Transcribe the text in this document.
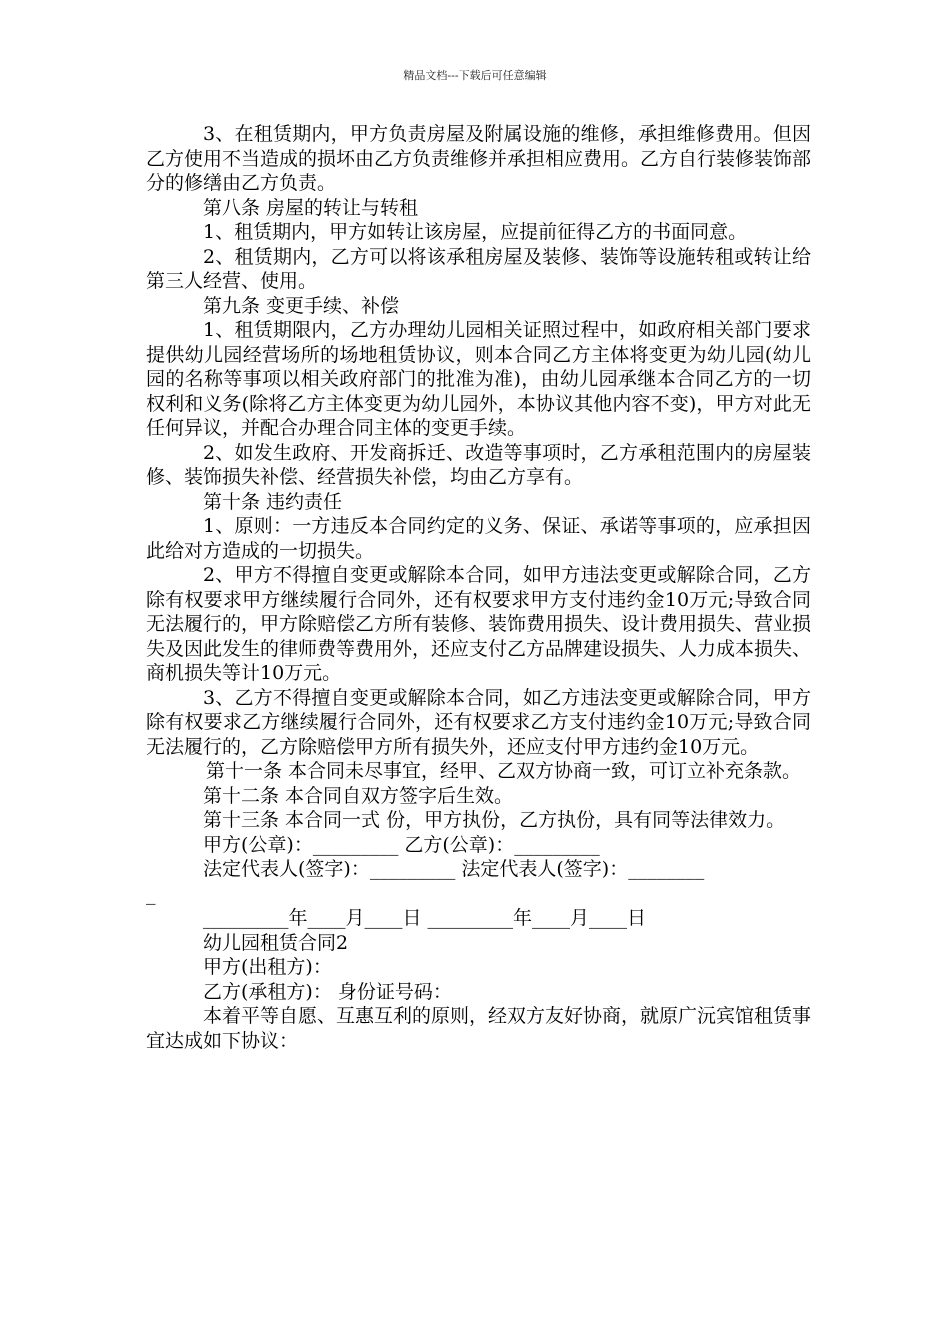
精品文档---下载后可任意编辑

3、在租赁期内，甲方负责房屋及附属设施的维修，承担维修费用。但因乙方使用不当造成的损坏由乙方负责维修并承担相应费用。乙方自行装修装饰部分的修缮由乙方负责。

第八条 房屋的转让与转租

1、租赁期内，甲方如转让该房屋，应提前征得乙方的书面同意。

2、租赁期内，乙方可以将该承租房屋及装修、装饰等设施转租或转让给第三人经营、使用。

第九条 变更手续、补偿

1、租赁期限内，乙方办理幼儿园相关证照过程中，如政府相关部门要求提供幼儿园经营场所的场地租赁协议，则本合同乙方主体将变更为幼儿园(幼儿园的名称等事项以相关政府部门的批准为准)，由幼儿园承继本合同乙方的一切权利和义务(除将乙方主体变更为幼儿园外，本协议其他内容不变)，甲方对此无任何异议，并配合办理合同主体的变更手续。

2、如发生政府、开发商拆迁、改造等事项时，乙方承租范围内的房屋装修、装饰损失补偿、经营损失补偿，均由乙方享有。

第十条 违约责任

1、原则：一方违反本合同约定的义务、保证、承诺等事项的，应承担因此给对方造成的一切损失。

2、甲方不得擅自变更或解除本合同，如甲方违法变更或解除合同，乙方除有权要求甲方继续履行合同外，还有权要求甲方支付违约金10万元;导致合同无法履行的，甲方除赔偿乙方所有装修、装饰费用损失、设计费用损失、营业损失及因此发生的律师费等费用外，还应支付乙方品牌建设损失、人力成本损失、商机损失等计10万元。

3、乙方不得擅自变更或解除本合同，如乙方违法变更或解除合同，甲方除有权要求乙方继续履行合同外，还有权要求乙方支付违约金10万元;导致合同无法履行的，乙方除赔偿甲方所有损失外，还应支付甲方违约金10万元。

第十一条 本合同未尽事宜，经甲、乙双方协商一致，可订立补充条款。

第十二条 本合同自双方签字后生效。

第十三条 本合同一式 份，甲方执份，乙方执份，具有同等法律效力。

甲方(公章)：_________ 乙方(公章)：_________

法定代表人(签字)：_________ 法定代表人(签字)：________

_

_________年____月____日 _________年____月____日

幼儿园租赁合同2

甲方(出租方)：

乙方(承租方)： 身份证号码：

本着平等自愿、互惠互利的原则，经双方友好协商，就原广沅宾馆租赁事宜达成如下协议：
